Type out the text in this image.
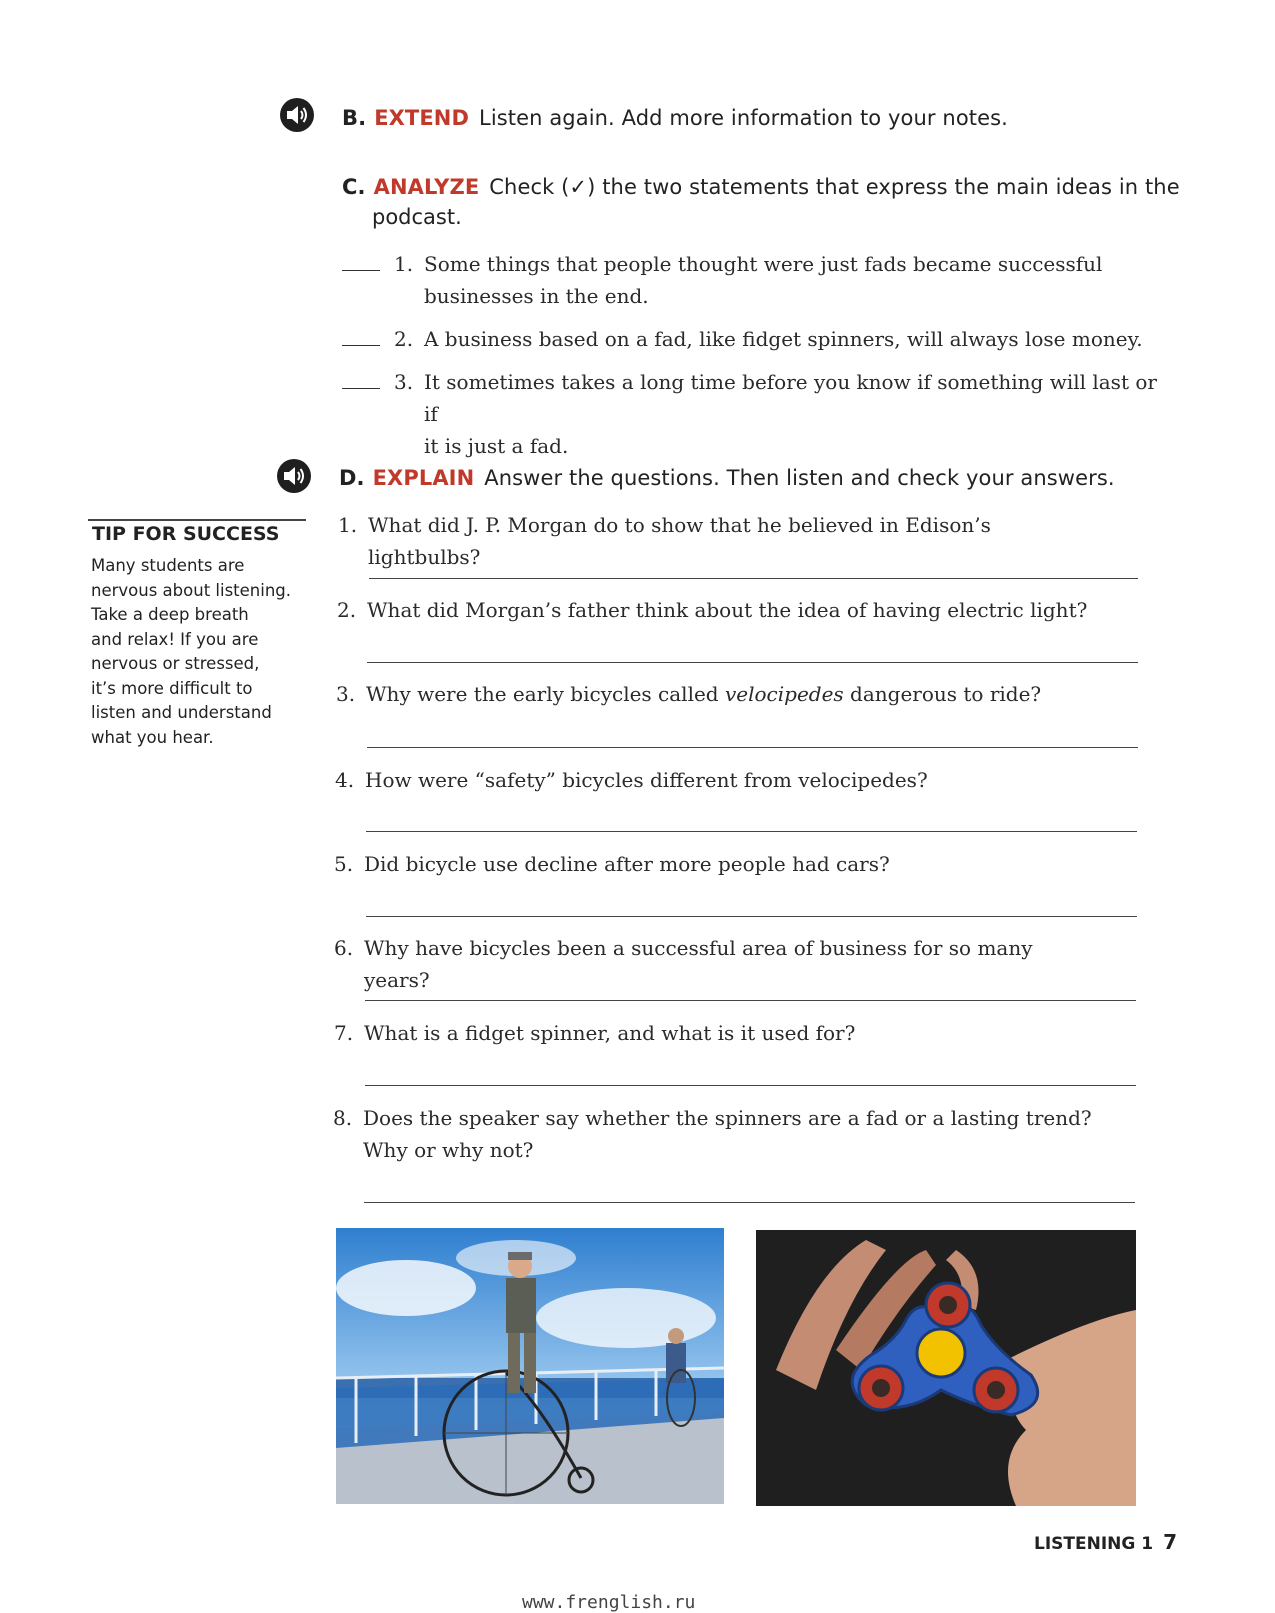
B. EXTEND Listen again. Add more information to your notes.
C. ANALYZE Check (✓) the two statements that express the main ideas in the
podcast.
1. Some things that people thought were just fads became successful
businesses in the end.
2. A business based on a fad, like fidget spinners, will always lose money.
3. It sometimes takes a long time before you know if something will last or if
it is just a fad.
D. EXPLAIN Answer the questions. Then listen and check your answers.
TIP FOR SUCCESS
Many students are
nervous about listening.
Take a deep breath
and relax! If you are
nervous or stressed,
it’s more difficult to
listen and understand
what you hear.
1. What did J. P. Morgan do to show that he believed in Edison’s lightbulbs?
2. What did Morgan’s father think about the idea of having electric light?
3. Why were the early bicycles called velocipedes dangerous to ride?
4. How were “safety” bicycles different from velocipedes?
5. Did bicycle use decline after more people had cars?
6. Why have bicycles been a successful area of business for so many years?
7. What is a fidget spinner, and what is it used for?
8. Does the speaker say whether the spinners are a fad or a lasting trend?
Why or why not?
LISTENING 1 7
www.frenglish.ru
